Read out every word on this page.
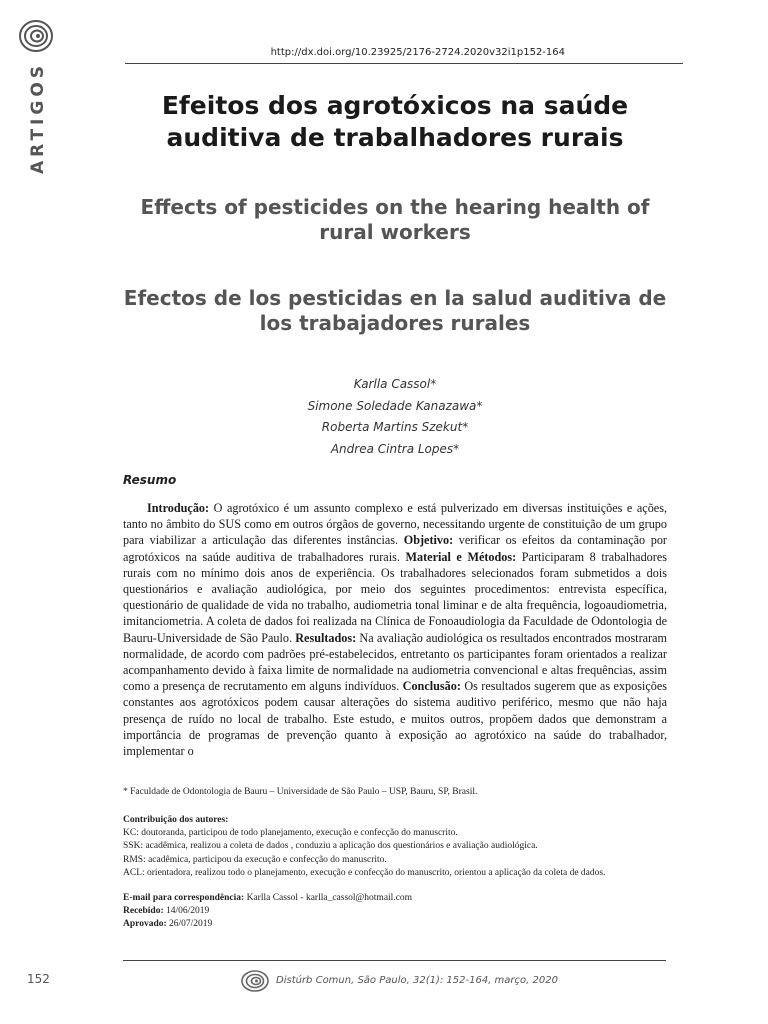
ARTIGOS
http://dx.doi.org/10.23925/2176-2724.2020v32i1p152-164
Efeitos dos agrotóxicos na saúde auditiva de trabalhadores rurais
Effects of pesticides on the hearing health of rural workers
Efectos de los pesticidas en la salud auditiva de los trabajadores rurales
Karlla Cassol*
Simone Soledade Kanazawa*
Roberta Martins Szekut*
Andrea Cintra Lopes*
Resumo

Introdução: O agrotóxico é um assunto complexo e está pulverizado em diversas instituições e ações, tanto no âmbito do SUS como em outros órgãos de governo, necessitando urgente de constituição de um grupo para viabilizar a articulação das diferentes instâncias. Objetivo: verificar os efeitos da contaminação por agrotóxicos na saúde auditiva de trabalhadores rurais. Material e Métodos: Participaram 8 trabalhadores rurais com no mínimo dois anos de experiência. Os trabalhadores selecionados foram submetidos a dois questionários e avaliação audiológica, por meio dos seguintes procedimentos: entrevista específica, questionário de qualidade de vida no trabalho, audiometria tonal liminar e de alta frequência, logoaudiometria, imitanciometria. A coleta de dados foi realizada na Clínica de Fonoaudiologia da Faculdade de Odontologia de Bauru-Universidade de São Paulo. Resultados: Na avaliação audiológica os resultados encontrados mostraram normalidade, de acordo com padrões pré-estabelecidos, entretanto os participantes foram orientados a realizar acompanhamento devido à faixa limite de normalidade na audiometria convencional e altas frequências, assim como a presença de recrutamento em alguns indivíduos. Conclusão: Os resultados sugerem que as exposições constantes aos agrotóxicos podem causar alterações do sistema auditivo periférico, mesmo que não haja presença de ruído no local de trabalho. Este estudo, e muitos outros, propõem dados que demonstram a importância de programas de prevenção quanto à exposição ao agrotóxico na saúde do trabalhador, implementar o

* Faculdade de Odontologia de Bauru – Universidade de São Paulo – USP, Bauru, SP, Brasil.
Contribuição dos autores:
KC: doutoranda, participou de todo planejamento, execução e confecção do manuscrito.
SSK: acadêmica, realizou a coleta de dados , conduziu a aplicação dos questionários e avaliação audiológica.
RMS: acadêmica, participou da execução e confecção do manuscrito.
ACL: orientadora, realizou todo o planejamento, execução e confecção do manuscrito, orientou a aplicação da coleta de dados.
E-mail para correspondência: Karlla Cassol - karlla_cassol@hotmail.com
Recebido: 14/06/2019
Aprovado: 26/07/2019
152	Distúrb Comun, São Paulo, 32(1): 152-164, março, 2020
